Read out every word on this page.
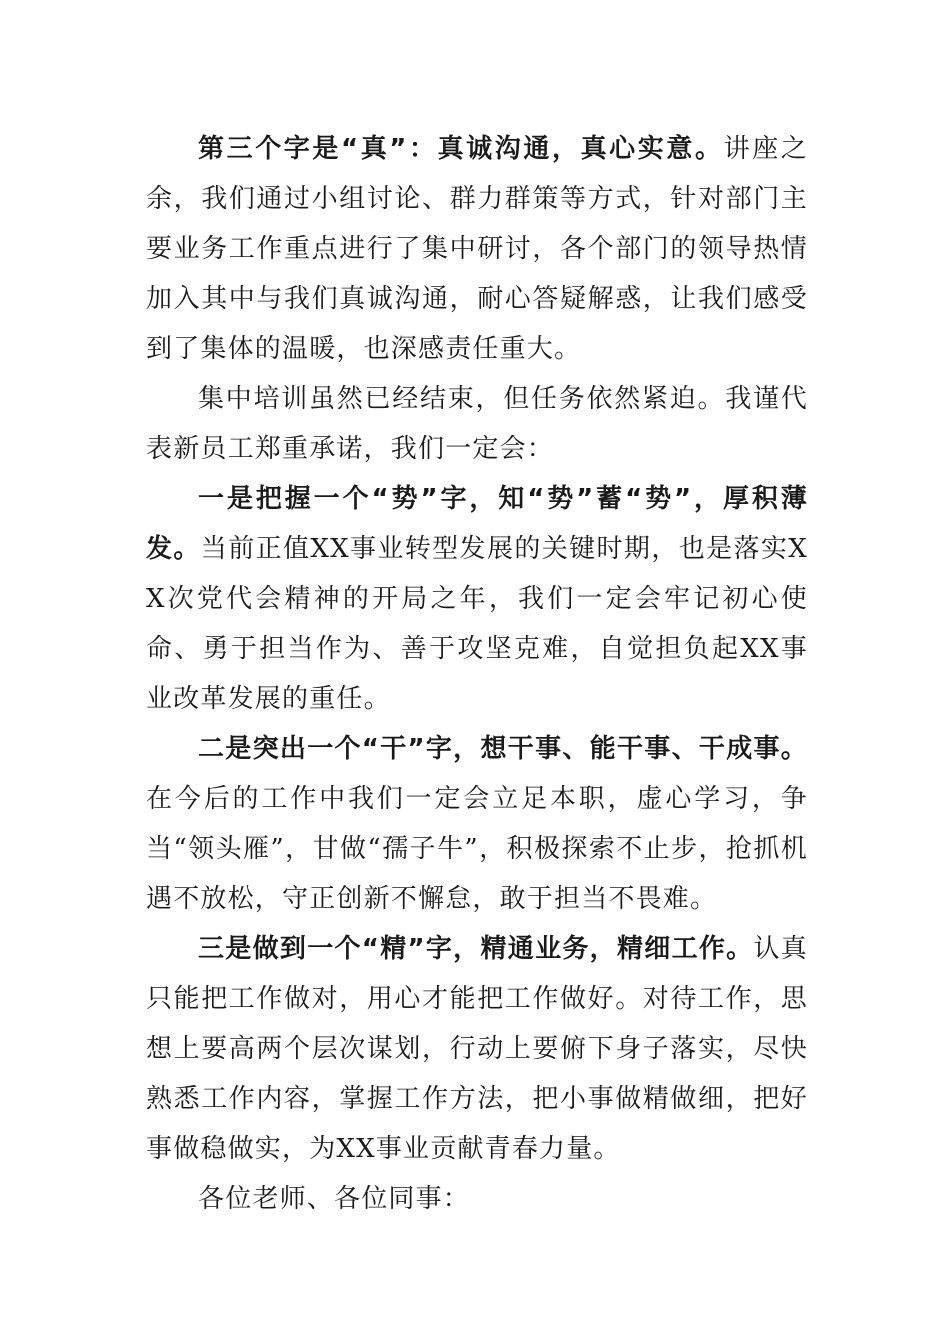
第三个字是“真”：真诚沟通，真心实意。讲座之余，我们通过小组讨论、群力群策等方式，针对部门主要业务工作重点进行了集中研讨，各个部门的领导热情加入其中与我们真诚沟通，耐心答疑解惑，让我们感受到了集体的温暖，也深感责任重大。

集中培训虽然已经结束，但任务依然紧迫。我谨代表新员工郑重承诺，我们一定会：

一是把握一个“势”字，知“势”蓄“势”，厚积薄发。当前正值XX事业转型发展的关键时期，也是落实XX次党代会精神的开局之年，我们一定会牢记初心使命、勇于担当作为、善于攻坚克难，自觉担负起XX事业改革发展的重任。

二是突出一个“干”字，想干事、能干事、干成事。在今后的工作中我们一定会立足本职，虚心学习，争当“领头雁”，甘做“孺子牛”，积极探索不止步，抢抓机遇不放松，守正创新不懈怠，敢于担当不畏难。

三是做到一个“精”字，精通业务，精细工作。认真只能把工作做对，用心才能把工作做好。对待工作，思想上要高两个层次谋划，行动上要俯下身子落实，尽快熟悉工作内容，掌握工作方法，把小事做精做细，把好事做稳做实，为XX事业贡献青春力量。

各位老师、各位同事：
